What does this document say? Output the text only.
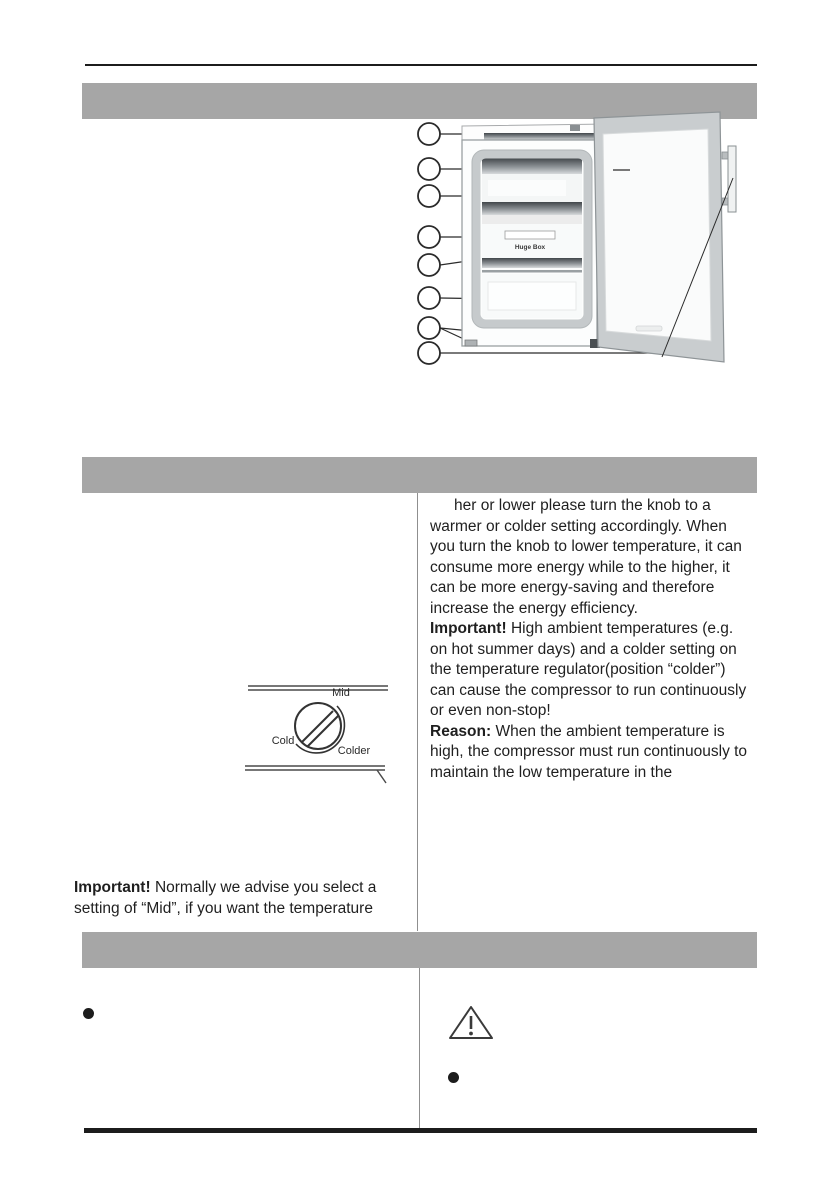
Huge Box
Mid
Cold
Colder
Important! Normally we advise you select a setting of “Mid”, if you want the temperature

her or lower please turn the knob to a warmer or colder setting accordingly. When you turn the knob to lower temperature, it can consume more energy while to the higher, it can be more energy-saving and therefore increase the energy efficiency.

Important! High ambient temperatures (e.g. on hot summer days) and a colder setting on the temperature regulator(position “colder”) can cause the compressor to run continuously or even non-stop!

Reason: When the ambient temperature is high, the compressor must run continuously to maintain the low temperature in the
